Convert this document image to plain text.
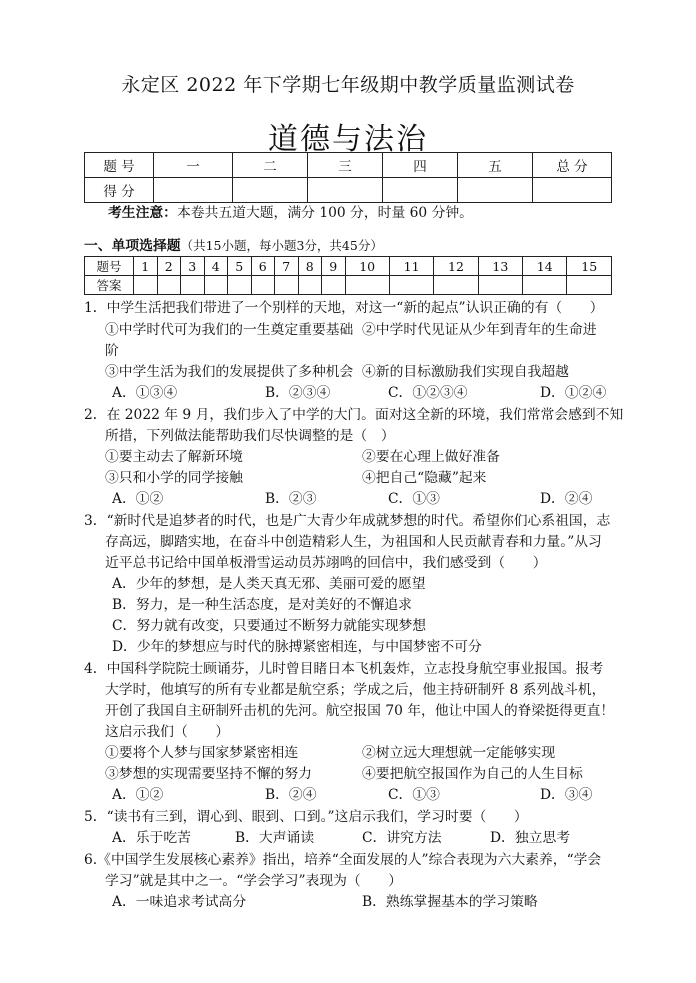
永定区 2022 年下学期七年级期中教学质量监测试卷
道德与法治
题 号	一	二	三	四	五	总 分
得 分						
考生注意：本卷共五道大题，满分 100 分，时量 60 分钟。
一、单项选择题（共15小题，每小题3分，共45分）
题号	1	2	3	4	5	6	7	8	9	10	11	12	13	14	15
答案															
1．中学生活把我们带进了一个别样的天地，对这一“新的起点”认识正确的有（　　）
①中学时代可为我们的一生奠定重要基础 ②中学时代见证从少年到青年的生命进
阶
③中学生活为我们的发展提供了多种机会 ④新的目标激励我们实现自我超越
A．①③④	B．②③④	C．①②③④	D．①②④
2．在 2022 年 9 月，我们步入了中学的大门。面对这全新的环境，我们常常会感到不知
所措，下列做法能帮助我们尽快调整的是（　）
①要主动去了解新环境	②要在心理上做好准备
③只和小学的同学接触	④把自己“隐藏”起来
A．①②	B．②③	C．①③	D．②④
3．“新时代是追梦者的时代，也是广大青少年成就梦想的时代。希望你们心系祖国，志
存高远，脚踏实地，在奋斗中创造精彩人生，为祖国和人民贡献青春和力量。”从习
近平总书记给中国单板滑雪运动员苏翊鸣的回信中，我们感受到（　　）
A．少年的梦想，是人类天真无邪、美丽可爱的愿望
B．努力，是一种生活态度，是对美好的不懈追求
C．努力就有改变，只要通过不断努力就能实现梦想
D．少年的梦想应与时代的脉搏紧密相连，与中国梦密不可分
4．中国科学院院士顾诵芬，儿时曾目睹日本飞机轰炸，立志投身航空事业报国。报考
大学时，他填写的所有专业都是航空系；学成之后，他主持研制歼 8 系列战斗机，
开创了我国自主研制歼击机的先河。航空报国 70 年，他让中国人的脊梁挺得更直！
这启示我们（　　）
①要将个人梦与国家梦紧密相连	②树立远大理想就一定能够实现
③梦想的实现需要坚持不懈的努力	④要把航空报国作为自己的人生目标
A．①②	B．②④	C．①③	D．③④
5．“读书有三到，谓心到、眼到、口到。”这启示我们，学习时要（　　）
A．乐于吃苦	B．大声诵读	C．讲究方法	D．独立思考
6.《中国学生发展核心素养》指出，培养“全面发展的人”综合表现为六大素养，“学会
学习”就是其中之一。“学会学习”表现为（　　）
A．一味追求考试高分	B．熟练掌握基本的学习策略
